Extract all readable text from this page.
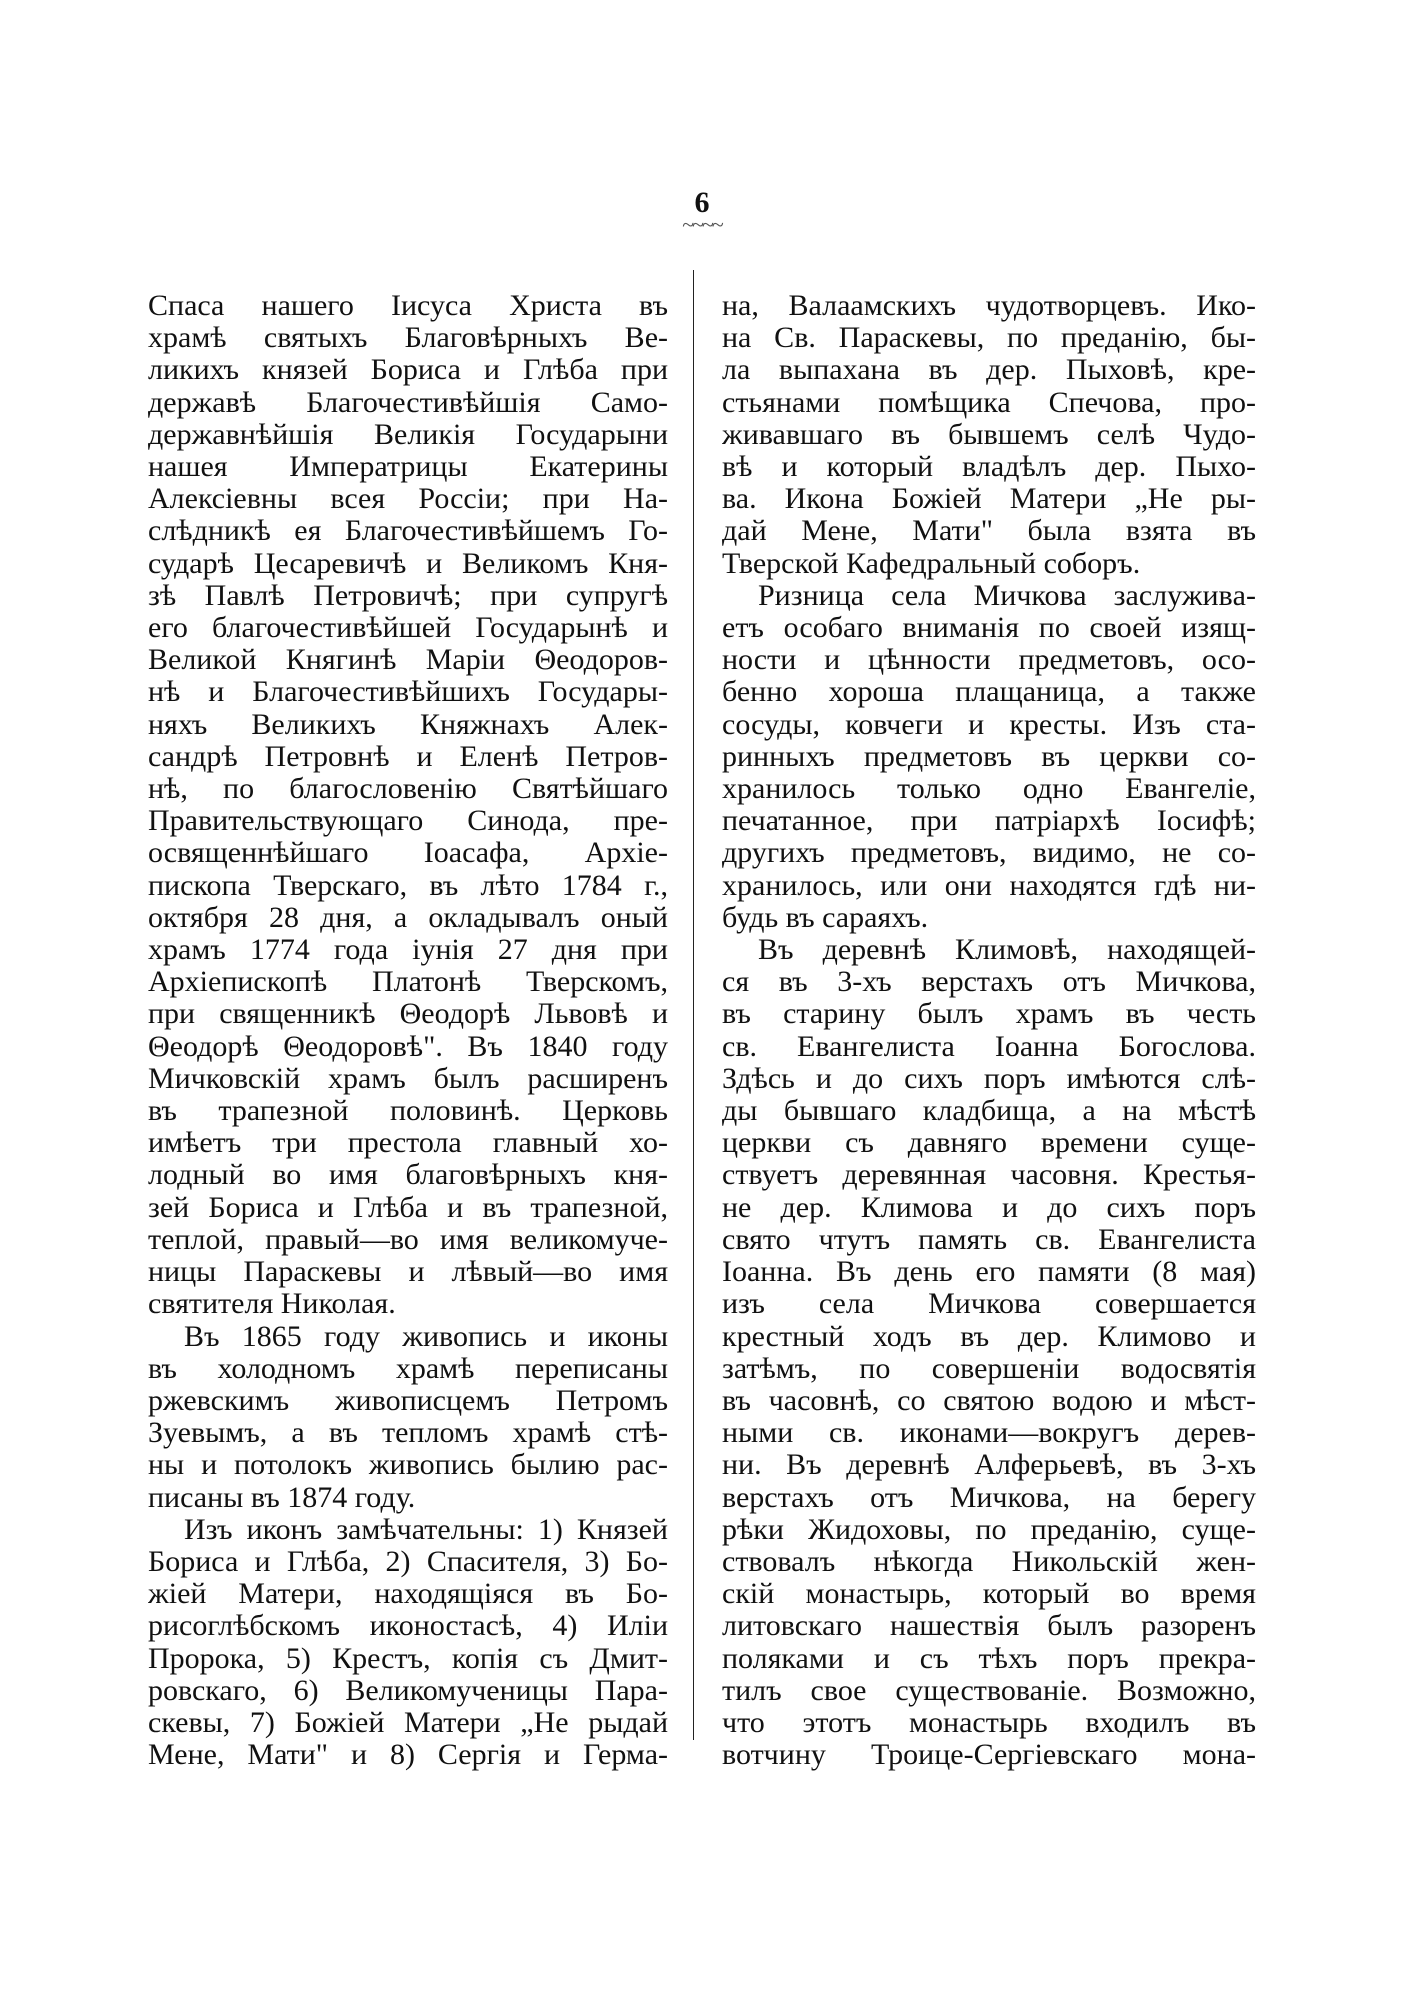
6
~~~~
Спаса нашего Іисуса Христа въ
храмѣ святыхъ Благовѣрныхъ Ве-
ликихъ князей Бориса и Глѣба при
державѣ Благочестивѣйшія Само-
державнѣйшія Великія Государыни
нашея Императрицы Екатерины
Алексіевны всея Россіи; при На-
слѣдникѣ ея Благочестивѣйшемъ Го-
сударѣ Цесаревичѣ и Великомъ Кня-
зѣ Павлѣ Петровичѣ; при супругѣ
его благочестивѣйшей Государынѣ и
Великой Княгинѣ Маріи Θеодоров-
нѣ и Благочестивѣйшихъ Государы-
няхъ Великихъ Княжнахъ Алек-
сандрѣ Петровнѣ и Еленѣ Петров-
нѣ, по благословенію Святѣйшаго
Правительствующаго Синода, пре-
освященнѣйшаго Іоасафа, Архіе-
пископа Тверскаго, въ лѣто 1784 г.,
октября 28 дня, а окладывалъ оный
храмъ 1774 года іунія 27 дня при
Архіепископѣ Платонѣ Тверскомъ,
при священникѣ Θеодорѣ Львовѣ и
Θеодорѣ Θеодоровѣ". Въ 1840 году
Мичковскій храмъ былъ расширенъ
въ трапезной половинѣ. Церковь
имѣетъ три престола главный хо-
лодный во имя благовѣрныхъ кня-
зей Бориса и Глѣба и въ трапезной,
теплой, правый—во имя великомуче-
ницы Параскевы и лѣвый—во имя
святителя Николая.
Въ 1865 году живопись и иконы
въ холодномъ храмѣ переписаны
ржевскимъ живописцемъ Петромъ
Зуевымъ, а въ тепломъ храмѣ стѣ-
ны и потолокъ живопись былию рас-
писаны въ 1874 году.
Изъ иконъ замѣчательны: 1) Князей
Бориса и Глѣба, 2) Спасителя, 3) Бо-
жіей Матери, находящіяся въ Бо-
рисоглѣбскомъ иконостасѣ, 4) Иліи
Пророка, 5) Крестъ, копія съ Дмит-
ровскаго, 6) Великомученицы Пара-
скевы, 7) Божіей Матери „Не рыдай
Мене, Мати" и 8) Сергія и Герма-
на, Валаамскихъ чудотворцевъ. Ико-
на Св. Параскевы, по преданію, бы-
ла выпахана въ дер. Пыховѣ, кре-
стьянами помѣщика Спечова, про-
живавшаго въ бывшемъ селѣ Чудо-
вѣ и который владѣлъ дер. Пыхо-
ва. Икона Божіей Матери „Не ры-
дай Мене, Мати" была взята въ
Тверской Кафедральный соборъ.
Ризница села Мичкова заслуживa-
етъ особаго вниманія по своей изящ-
ности и цѣнности предметовъ, осо-
бенно хороша плащаница, а также
сосуды, ковчеги и кресты. Изъ ста-
ринныхъ предметовъ въ церкви со-
хранилось только одно Евангеліе,
печатанное, при патріархѣ Іосифѣ;
другихъ предметовъ, видимо, не со-
хранилось, или они находятся гдѣ ни-
будь въ сараяхъ.
Въ деревнѣ Климовѣ, находящей-
ся въ 3-хъ верстахъ отъ Мичкова,
въ старину былъ храмъ въ честь
св. Евангелиста Іоанна Богослова.
Здѣсь и до сихъ поръ имѣются слѣ-
ды бывшаго кладбища, а на мѣстѣ
церкви съ давняго времени суще-
ствуетъ деревянная часовня. Крестья-
не дер. Климова и до сихъ поръ
свято чтутъ память св. Евангелиста
Іоанна. Въ день его памяти (8 мая)
изъ села Мичкова совершается
крестный ходъ въ дер. Климово и
затѣмъ, по совершеніи водосвятія
въ часовнѣ, со святою водою и мѣст-
ными св. иконами—вокругъ дерев-
ни. Въ деревнѣ Алферьевѣ, въ 3-хъ
верстахъ отъ Мичкова, на берегу
рѣки Жидоховы, по преданію, суще-
ствовалъ нѣкогда Никольскій жен-
скій монастырь, который во время
литовскаго нашествія былъ разоренъ
поляками и съ тѣхъ поръ прекра-
тилъ свое существованіе. Возможно,
что этотъ монастырь входилъ въ
вотчину Троице-Сергіевскаго мона-
